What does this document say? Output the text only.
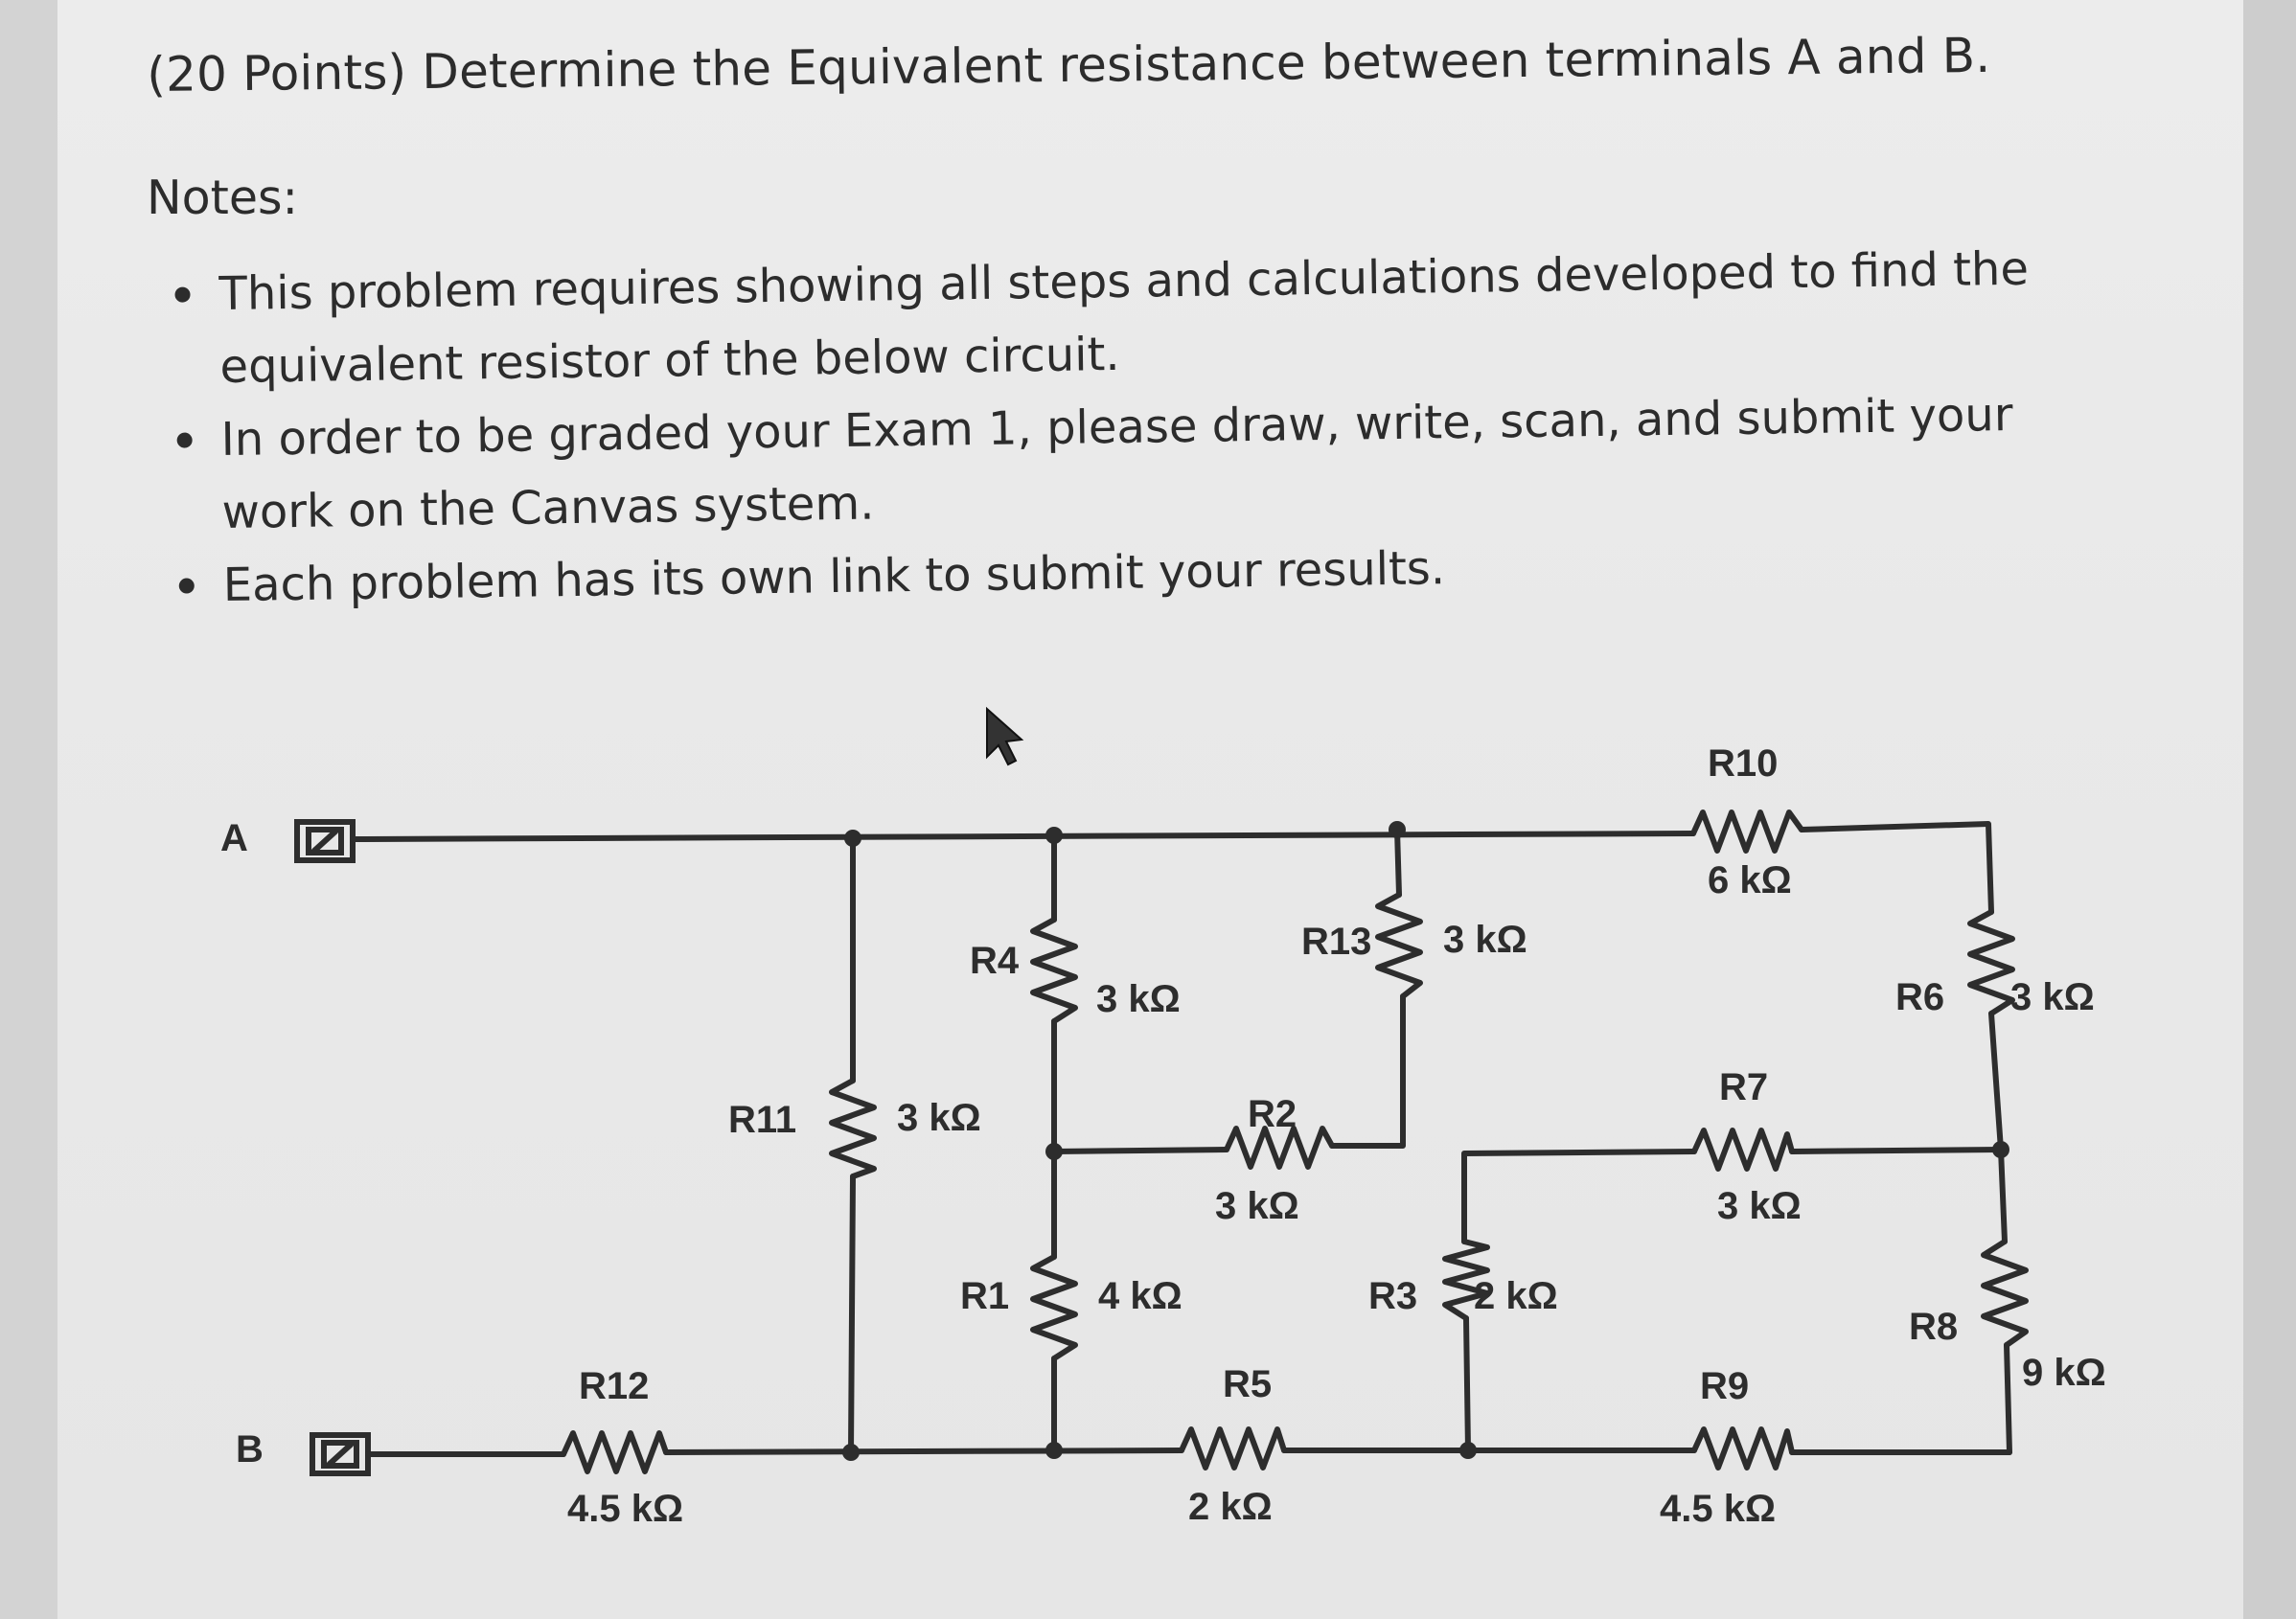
(20 Points) Determine the Equivalent resistance between terminals A and B.
Notes:
This problem requires showing all steps and calculations developed to find the equivalent resistor of the below circuit.
In order to be graded your Exam 1, please draw, write, scan, and submit your work on the Canvas system.
Each problem has its own link to submit your results.
A
B
R10
6 kΩ
R4
3 kΩ
R13 3 kΩ
R6 3 kΩ
R11	3 kΩ	R2
3 kΩ
R7
3 kΩ
R1 4 kΩ	R3 2 kΩ
R8
9 kΩ
R12
4.5 kΩ
R5
2 kΩ
R9
4.5 kΩ
